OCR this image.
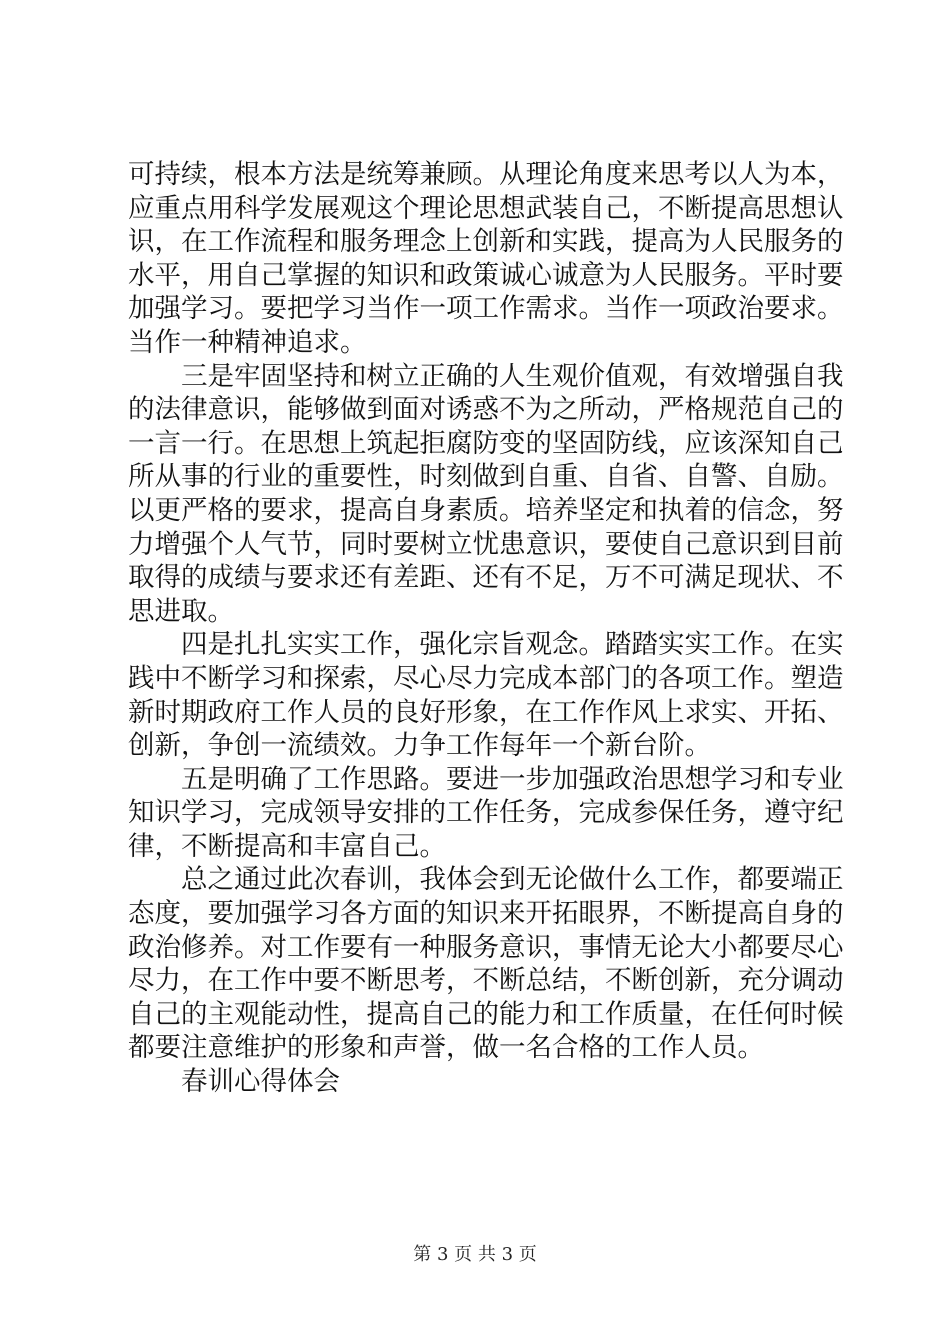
可持续，根本方法是统筹兼顾。从理论角度来思考以人为本，
应重点用科学发展观这个理论思想武装自己，不断提高思想认
识，在工作流程和服务理念上创新和实践，提高为人民服务的
水平，用自己掌握的知识和政策诚心诚意为人民服务。平时要
加强学习。要把学习当作一项工作需求。当作一项政治要求。
当作一种精神追求。
三是牢固坚持和树立正确的人生观价值观，有效增强自我
的法律意识，能够做到面对诱惑不为之所动，严格规范自己的
一言一行。在思想上筑起拒腐防变的坚固防线，应该深知自己
所从事的行业的重要性，时刻做到自重、自省、自警、自励。
以更严格的要求，提高自身素质。培养坚定和执着的信念，努
力增强个人气节，同时要树立忧患意识，要使自己意识到目前
取得的成绩与要求还有差距、还有不足，万不可满足现状、不
思进取。
四是扎扎实实工作，强化宗旨观念。踏踏实实工作。在实
践中不断学习和探索，尽心尽力完成本部门的各项工作。塑造
新时期政府工作人员的良好形象，在工作作风上求实、开拓、
创新，争创一流绩效。力争工作每年一个新台阶。
五是明确了工作思路。要进一步加强政治思想学习和专业
知识学习，完成领导安排的工作任务，完成参保任务，遵守纪
律，不断提高和丰富自己。
总之通过此次春训，我体会到无论做什么工作，都要端正
态度，要加强学习各方面的知识来开拓眼界，不断提高自身的
政治修养。对工作要有一种服务意识，事情无论大小都要尽心
尽力，在工作中要不断思考，不断总结，不断创新，充分调动
自己的主观能动性，提高自己的能力和工作质量，在任何时候
都要注意维护的形象和声誉，做一名合格的工作人员。
春训心得体会
第 3 页 共 3 页
